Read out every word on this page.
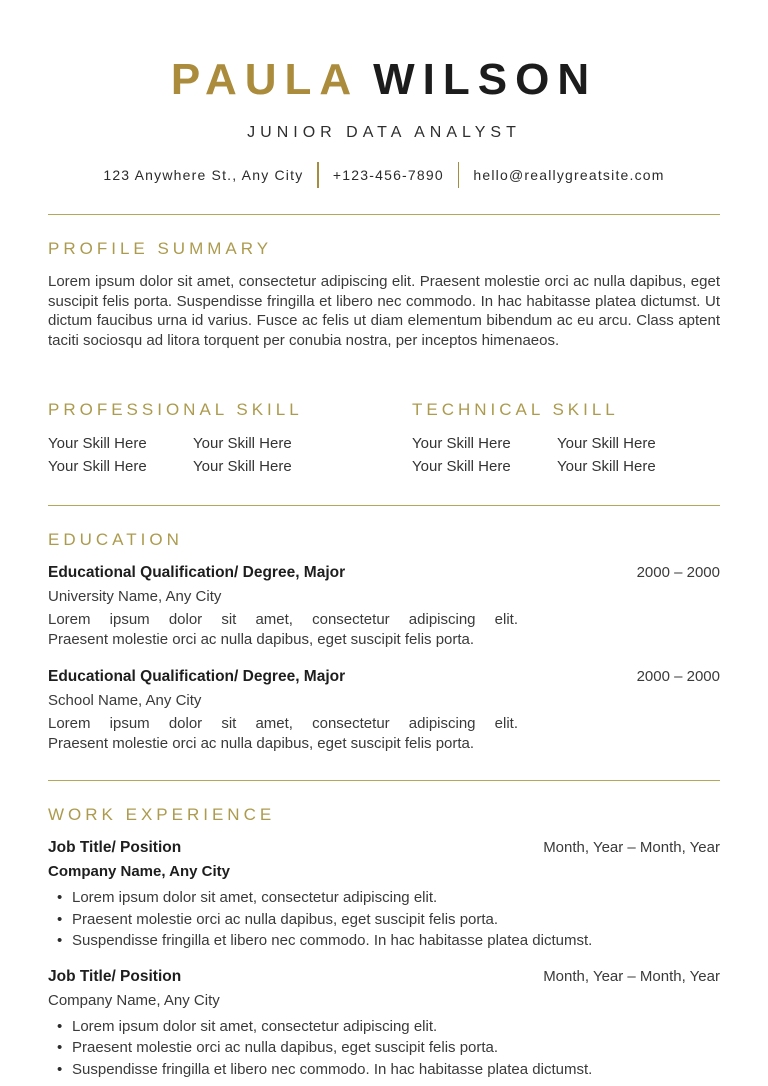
PAULA WILSON
JUNIOR DATA ANALYST
123 Anywhere St., Any City +123-456-7890 hello@reallygreatsite.com
PROFILE SUMMARY

Lorem ipsum dolor sit amet, consectetur adipiscing elit. Praesent molestie orci ac nulla dapibus, eget suscipit felis porta. Suspendisse fringilla et libero nec commodo. In hac habitasse platea dictumst. Ut dictum faucibus urna id varius. Fusce ac felis ut diam elementum bibendum ac eu arcu. Class aptent taciti sociosqu ad litora torquent per conubia nostra, per inceptos himenaeos.

PROFESSIONAL SKILL
Your Skill Here	Your Skill Here
Your Skill Here	Your Skill Here
TECHNICAL SKILL
Your Skill Here	Your Skill Here
Your Skill Here	Your Skill Here
EDUCATION
Educational Qualification/ Degree, Major	2000 – 2000
University Name, Any City
Lorem ipsum dolor sit amet, consectetur adipiscing elit.
Praesent molestie orci ac nulla dapibus, eget suscipit felis porta.
Educational Qualification/ Degree, Major	2000 – 2000
School Name, Any City
Lorem ipsum dolor sit amet, consectetur adipiscing elit.
Praesent molestie orci ac nulla dapibus, eget suscipit felis porta.
WORK EXPERIENCE
Job Title/ Position	Month, Year – Month, Year
Company Name, Any City
• Lorem ipsum dolor sit amet, consectetur adipiscing elit.
• Praesent molestie orci ac nulla dapibus, eget suscipit felis porta.
• Suspendisse fringilla et libero nec commodo. In hac habitasse platea dictumst.
Job Title/ Position	Month, Year – Month, Year
Company Name, Any City
• Lorem ipsum dolor sit amet, consectetur adipiscing elit.
• Praesent molestie orci ac nulla dapibus, eget suscipit felis porta.
• Suspendisse fringilla et libero nec commodo. In hac habitasse platea dictumst.
